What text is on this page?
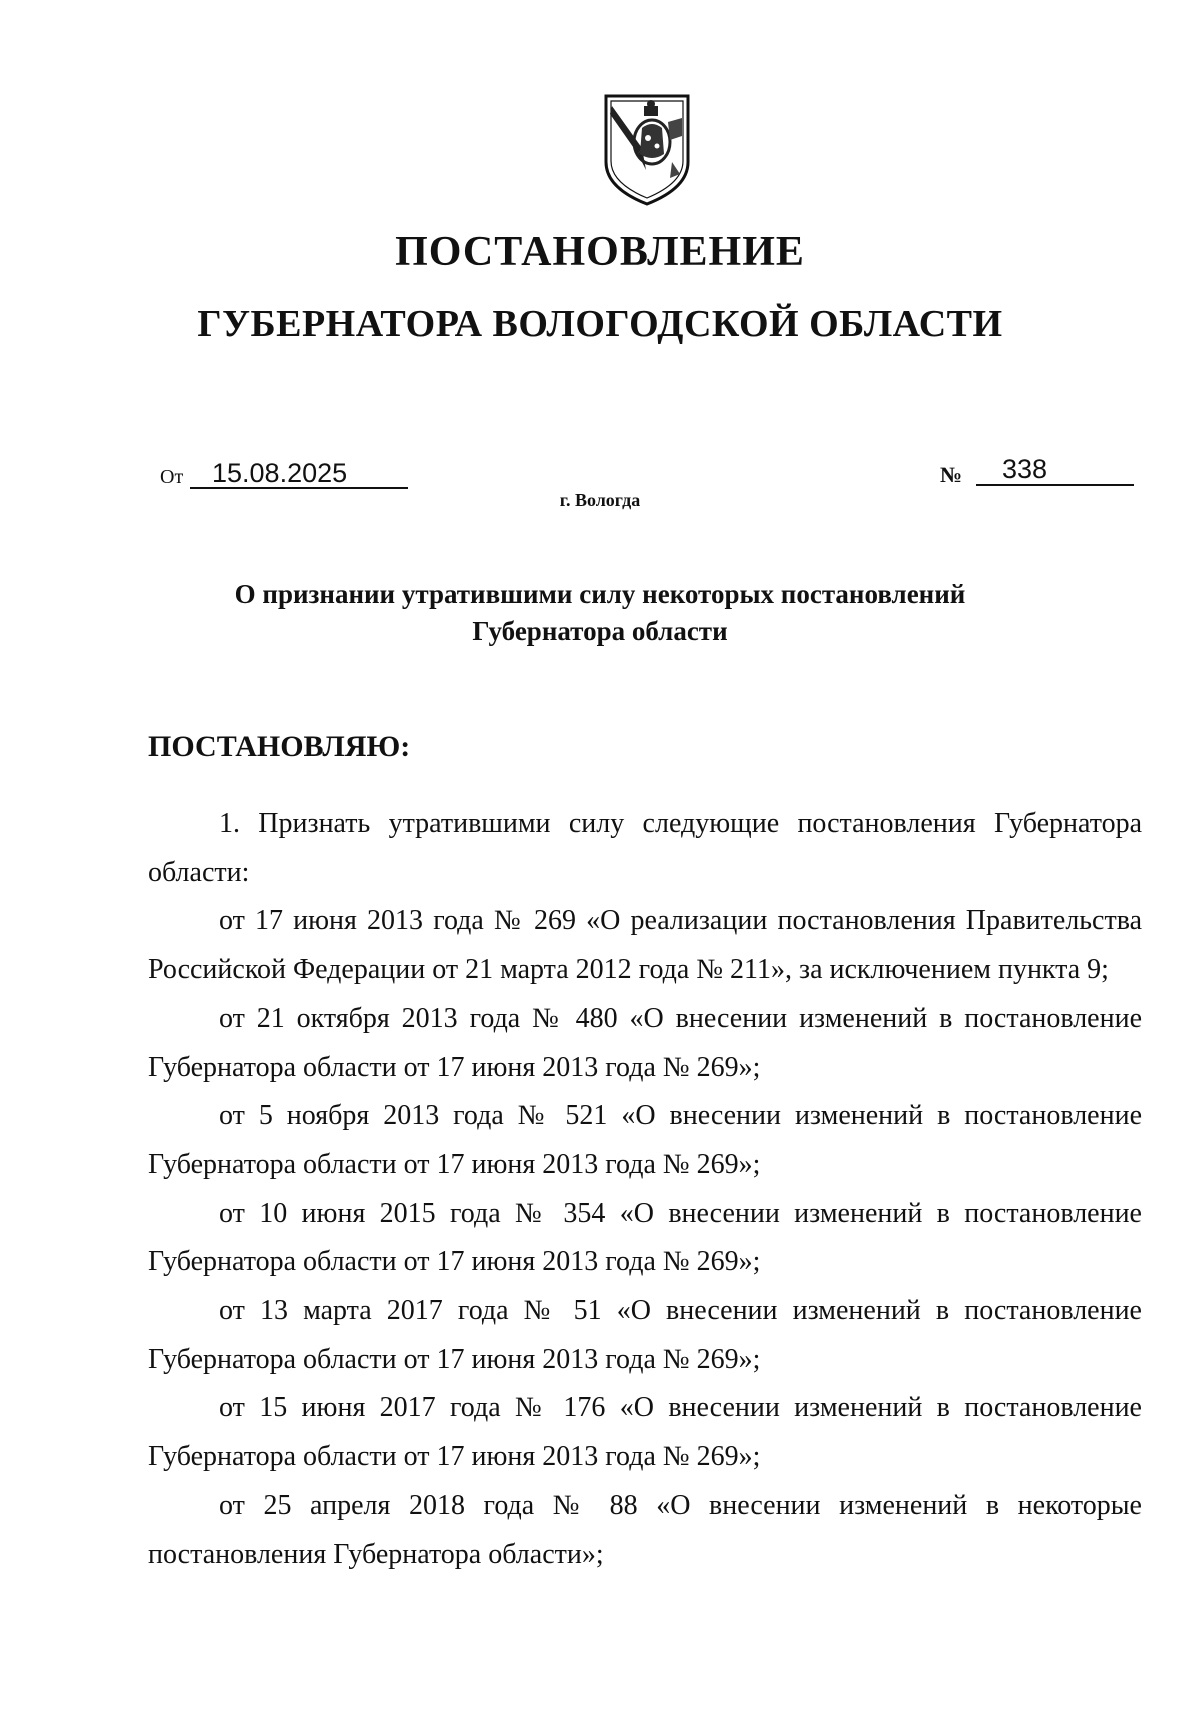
ПОСТАНОВЛЕНИЕ
ГУБЕРНАТОРА ВОЛОГОДСКОЙ ОБЛАСТИ
От 15.08.2025	№ 338
г. Вологда
О признании утратившими силу некоторых постановлений
Губернатора области
ПОСТАНОВЛЯЮ:

1. Признать утратившими силу следующие постановления Губернатора области:

от 17 июня 2013 года № 269 «О реализации постановления Правительства Российской Федерации от 21 марта 2012 года № 211», за исключением пункта 9;

от 21 октября 2013 года № 480 «О внесении изменений в постановление Губернатора области от 17 июня 2013 года № 269»;

от 5 ноября 2013 года № 521 «О внесении изменений в постановление Губернатора области от 17 июня 2013 года № 269»;

от 10 июня 2015 года № 354 «О внесении изменений в постановление Губернатора области от 17 июня 2013 года № 269»;

от 13 марта 2017 года № 51 «О внесении изменений в постановление Губернатора области от 17 июня 2013 года № 269»;

от 15 июня 2017 года № 176 «О внесении изменений в постановление Губернатора области от 17 июня 2013 года № 269»;

от 25 апреля 2018 года № 88 «О внесении изменений в некоторые постановления Губернатора области»;
